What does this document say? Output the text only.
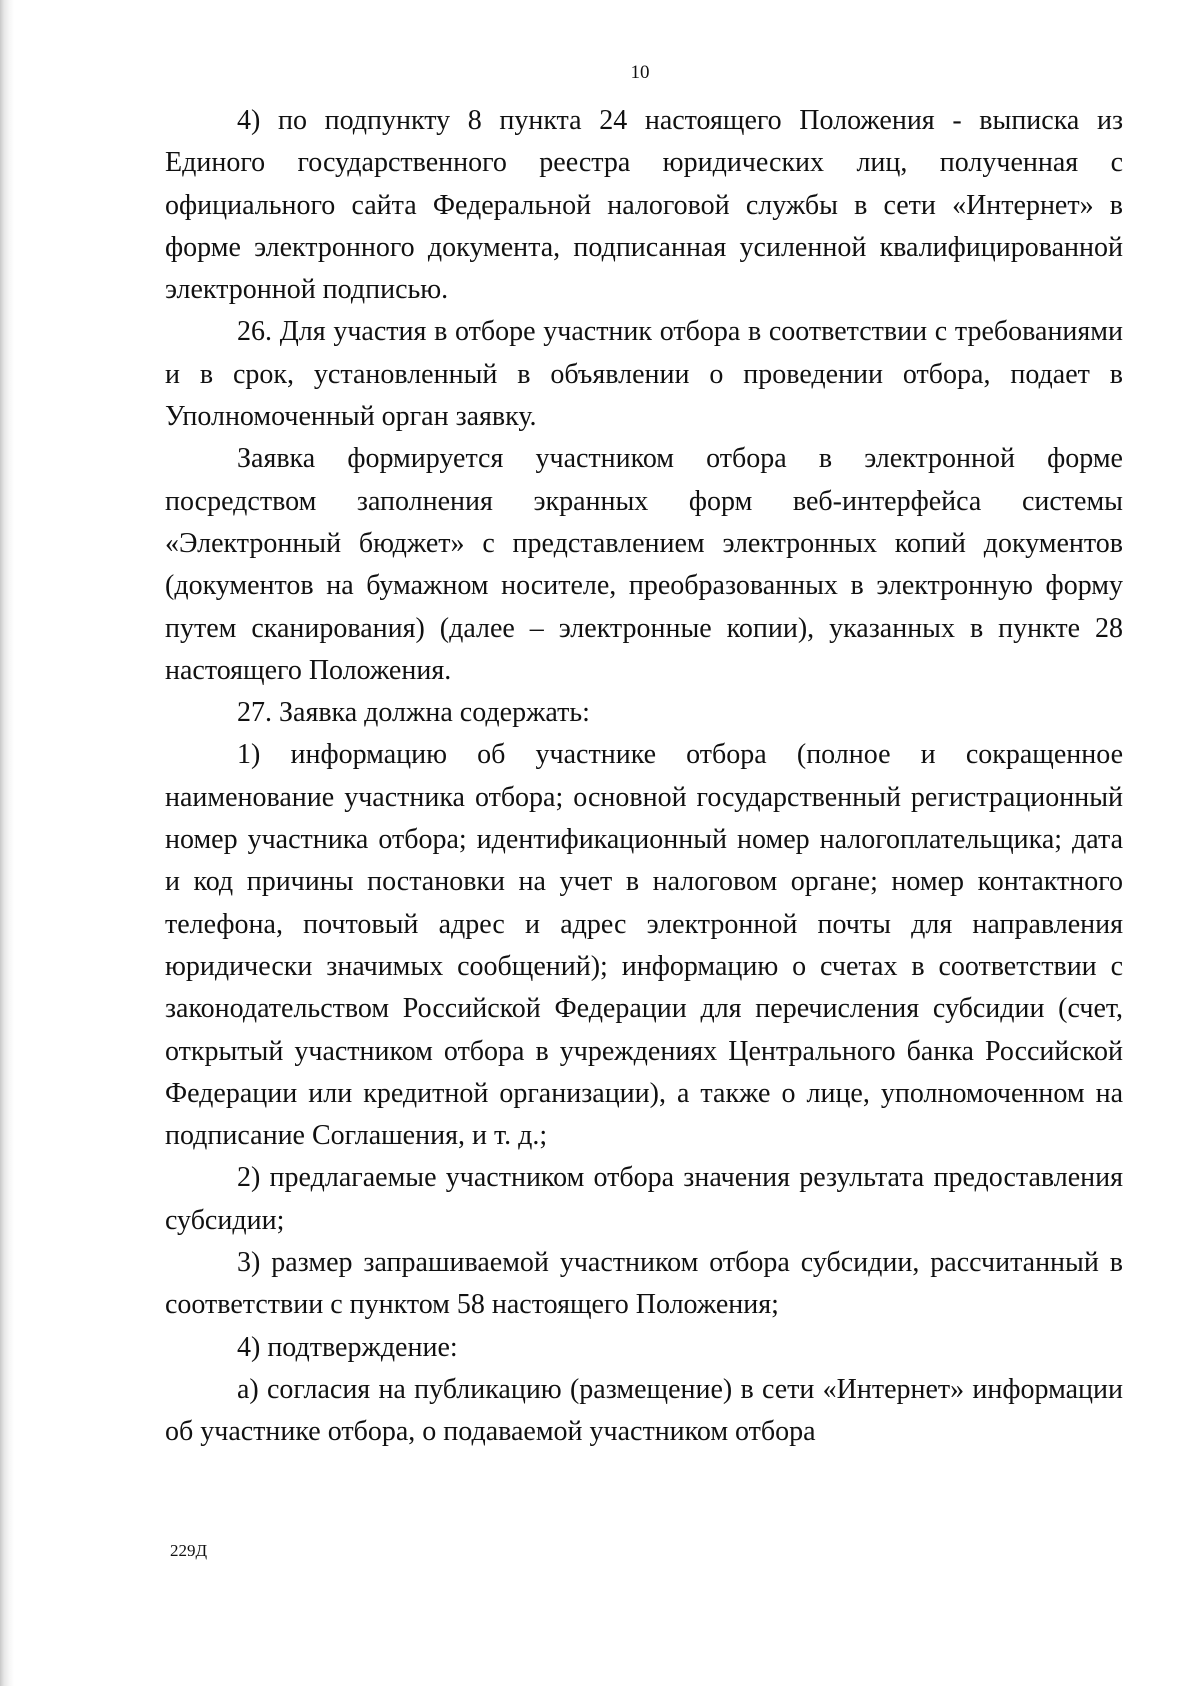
10

4) по подпункту 8 пункта 24 настоящего Положения - выписка из Единого государственного реестра юридических лиц, полученная с официального сайта Федеральной налоговой службы в сети «Интернет» в форме электронного документа, подписанная усиленной квалифицированной электронной подписью.

26. Для участия в отборе участник отбора в соответствии с требованиями и в срок, установленный в объявлении о проведении отбора, подает в Уполномоченный орган заявку.

Заявка формируется участником отбора в электронной форме посредством заполнения экранных форм веб-интерфейса системы «Электронный бюджет» с представлением электронных копий документов (документов на бумажном носителе, преобразованных в электронную форму путем сканирования) (далее – электронные копии), указанных в пункте 28 настоящего Положения.

27. Заявка должна содержать:

1) информацию об участнике отбора (полное и сокращенное наименование участника отбора; основной государственный регистрационный номер участника отбора; идентификационный номер налогоплательщика; дата и код причины постановки на учет в налоговом органе; номер контактного телефона, почтовый адрес и адрес электронной почты для направления юридически значимых сообщений); информацию о счетах в соответствии с законодательством Российской Федерации для перечисления субсидии (счет, открытый участником отбора в учреждениях Центрального банка Российской Федерации или кредитной организации), а также о лице, уполномоченном на подписание Соглашения, и т. д.;

2) предлагаемые участником отбора значения результата предоставления субсидии;

3) размер запрашиваемой участником отбора субсидии, рассчитанный в соответствии с пунктом 58 настоящего Положения;

4) подтверждение:

а) согласия на публикацию (размещение) в сети «Интернет» информации об участнике отбора, о подаваемой участником отбора

229Д
